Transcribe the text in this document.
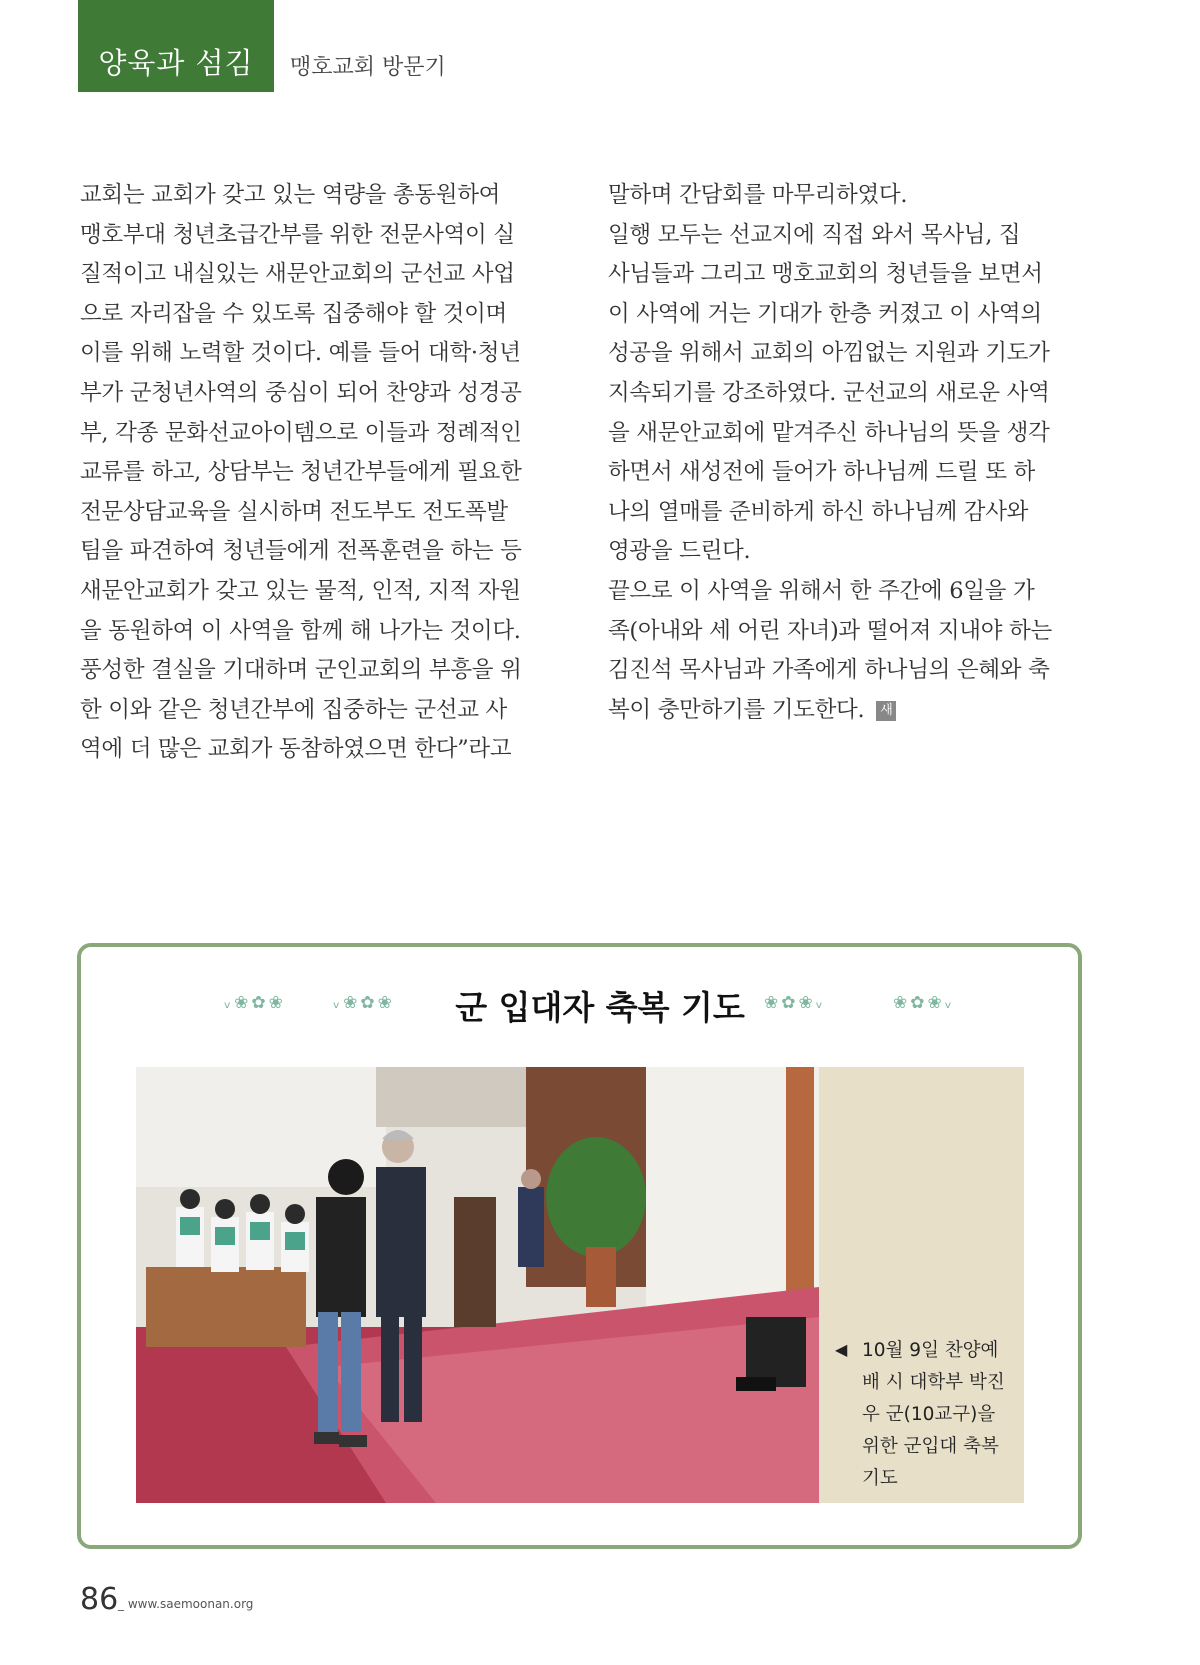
양육과 섬김	맹호교회 방문기
교회는 교회가 갖고 있는 역량을 총동원하여
맹호부대 청년초급간부를 위한 전문사역이 실
질적이고 내실있는 새문안교회의 군선교 사업
으로 자리잡을 수 있도록 집중해야 할 것이며
이를 위해 노력할 것이다. 예를 들어 대학·청년
부가 군청년사역의 중심이 되어 찬양과 성경공
부, 각종 문화선교아이템으로 이들과 정례적인
교류를 하고, 상담부는 청년간부들에게 필요한
전문상담교육을 실시하며 전도부도 전도폭발
팀을 파견하여 청년들에게 전폭훈련을 하는 등
새문안교회가 갖고 있는 물적, 인적, 지적 자원
을 동원하여 이 사역을 함께 해 나가는 것이다.
풍성한 결실을 기대하며 군인교회의 부흥을 위
한 이와 같은 청년간부에 집중하는 군선교 사
역에 더 많은 교회가 동참하였으면 한다”라고
말하며 간담회를 마무리하였다.
일행 모두는 선교지에 직접 와서 목사님, 집
사님들과 그리고 맹호교회의 청년들을 보면서
이 사역에 거는 기대가 한층 커졌고 이 사역의
성공을 위해서 교회의 아낌없는 지원과 기도가
지속되기를 강조하였다. 군선교의 새로운 사역
을 새문안교회에 맡겨주신 하나님의 뜻을 생각
하면서 새성전에 들어가 하나님께 드릴 또 하
나의 열매를 준비하게 하신 하나님께 감사와
영광을 드린다.
끝으로 이 사역을 위해서 한 주간에 6일을 가
족(아내와 세 어린 자녀)과 떨어져 지내야 하는
김진석 목사님과 가족에게 하나님의 은혜와 축
복이 충만하기를 기도한다. 새
ᵥ❀✿❀	ᵥ❀✿❀	군 입대자 축복 기도	❀✿❀ᵥ	❀✿❀ᵥ
◀ 10월 9일 찬양예
배 시 대학부 박진
우 군(10교구)을
위한 군입대 축복
기도
86 _ www.saemoonan.org
